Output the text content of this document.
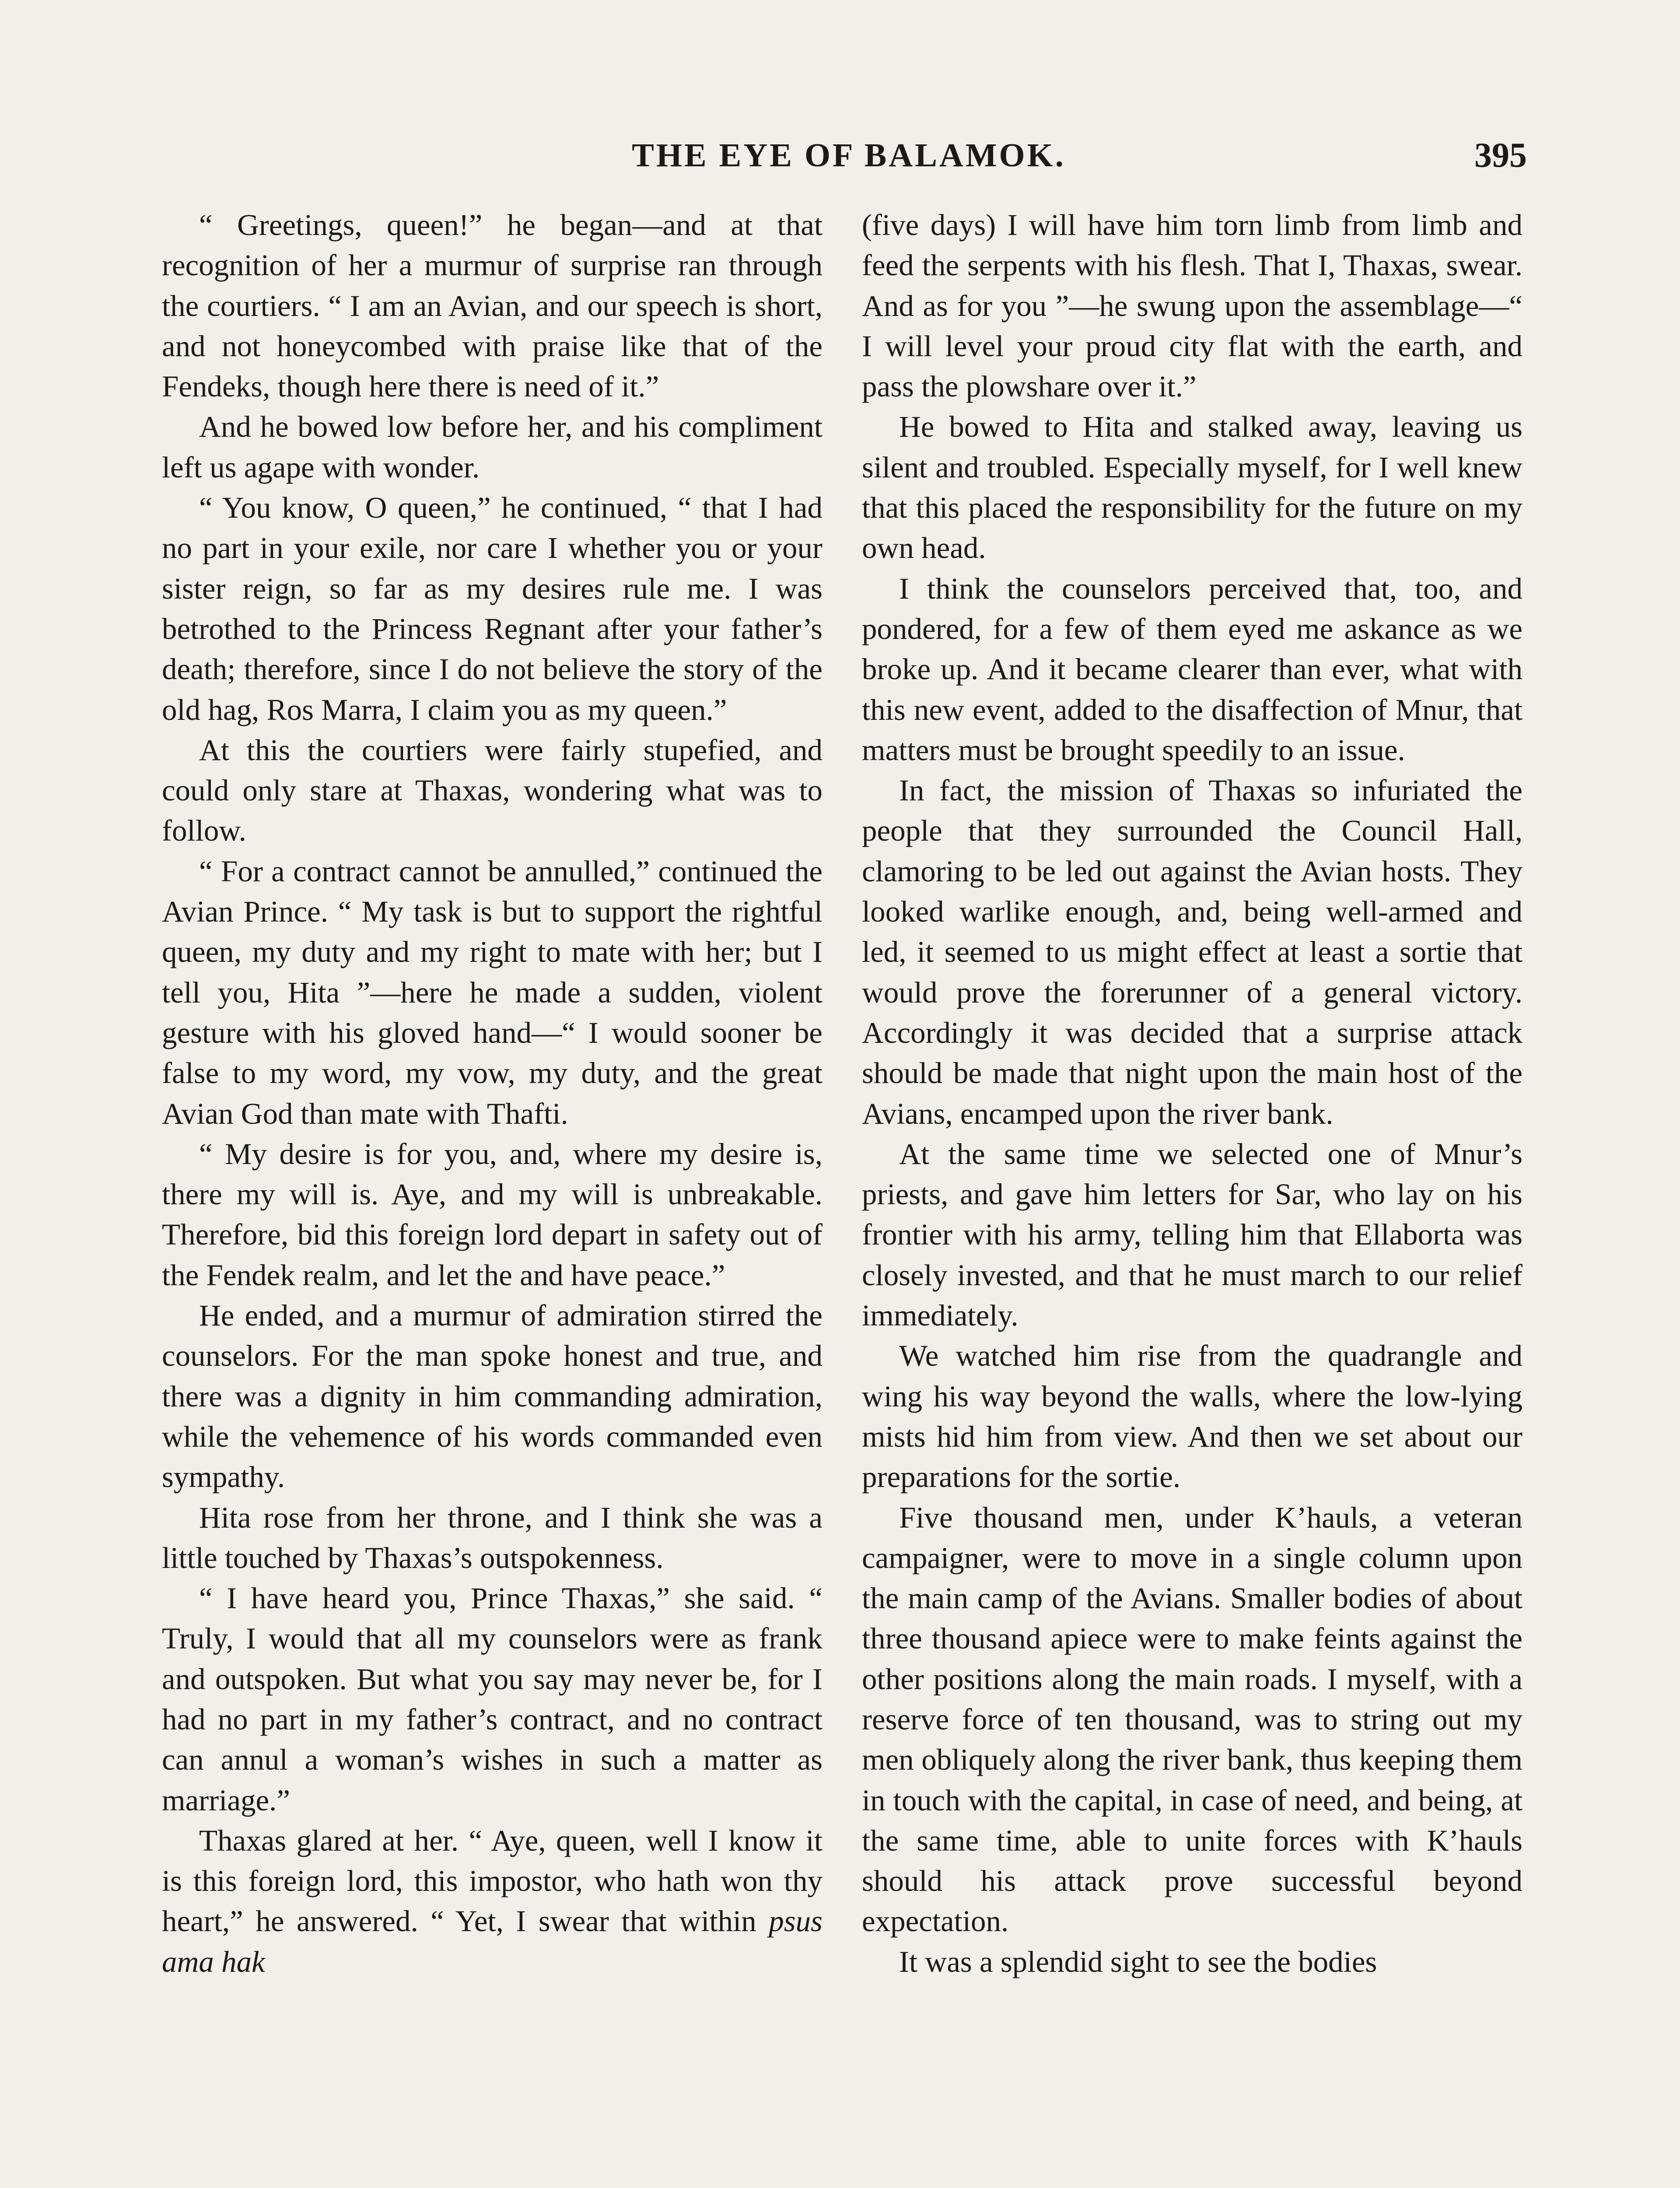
THE EYE OF BALAMOK.	395

“ Greetings, queen!” he began—and at that recognition of her a murmur of surprise ran through the courtiers. “ I am an Avian, and our speech is short, and not honeycombed with praise like that of the Fendeks, though here there is need of it.”

And he bowed low before her, and his compliment left us agape with wonder.

“ You know, O queen,” he continued, “ that I had no part in your exile, nor care I whether you or your sister reign, so far as my desires rule me. I was betrothed to the Princess Regnant after your father’s death; therefore, since I do not believe the story of the old hag, Ros Marra, I claim you as my queen.”

At this the courtiers were fairly stupefied, and could only stare at Thaxas, wondering what was to follow.

“ For a contract cannot be annulled,” continued the Avian Prince. “ My task is but to support the rightful queen, my duty and my right to mate with her; but I tell you, Hita ”—here he made a sudden, violent gesture with his gloved hand—“ I would sooner be false to my word, my vow, my duty, and the great Avian God than mate with Thafti.

“ My desire is for you, and, where my desire is, there my will is. Aye, and my will is unbreakable. Therefore, bid this foreign lord depart in safety out of the Fendek realm, and let the and have peace.”

He ended, and a murmur of admiration stirred the counselors. For the man spoke honest and true, and there was a dignity in him commanding admiration, while the vehemence of his words commanded even sympathy.

Hita rose from her throne, and I think she was a little touched by Thaxas’s outspokenness.

“ I have heard you, Prince Thaxas,” she said. “ Truly, I would that all my counselors were as frank and outspoken. But what you say may never be, for I had no part in my father’s contract, and no contract can annul a woman’s wishes in such a matter as marriage.”

Thaxas glared at her. “ Aye, queen, well I know it is this foreign lord, this impostor, who hath won thy heart,” he answered. “ Yet, I swear that within psus ama hak

(five days) I will have him torn limb from limb and feed the serpents with his flesh. That I, Thaxas, swear. And as for you ”—he swung upon the assemblage—“ I will level your proud city flat with the earth, and pass the plowshare over it.”

He bowed to Hita and stalked away, leaving us silent and troubled. Especially myself, for I well knew that this placed the responsibility for the future on my own head.

I think the counselors perceived that, too, and pondered, for a few of them eyed me askance as we broke up. And it became clearer than ever, what with this new event, added to the disaffection of Mnur, that matters must be brought speedily to an issue.

In fact, the mission of Thaxas so infuriated the people that they surrounded the Council Hall, clamoring to be led out against the Avian hosts. They looked warlike enough, and, being well-armed and led, it seemed to us might effect at least a sortie that would prove the forerunner of a general victory. Accordingly it was decided that a surprise attack should be made that night upon the main host of the Avians, encamped upon the river bank.

At the same time we selected one of Mnur’s priests, and gave him letters for Sar, who lay on his frontier with his army, telling him that Ellaborta was closely invested, and that he must march to our relief immediately.

We watched him rise from the quadrangle and wing his way beyond the walls, where the low-lying mists hid him from view. And then we set about our preparations for the sortie.

Five thousand men, under K’hauls, a veteran campaigner, were to move in a single column upon the main camp of the Avians. Smaller bodies of about three thousand apiece were to make feints against the other positions along the main roads. I myself, with a reserve force of ten thousand, was to string out my men obliquely along the river bank, thus keeping them in touch with the capital, in case of need, and being, at the same time, able to unite forces with K’hauls should his attack prove successful beyond expectation.

It was a splendid sight to see the bodies
